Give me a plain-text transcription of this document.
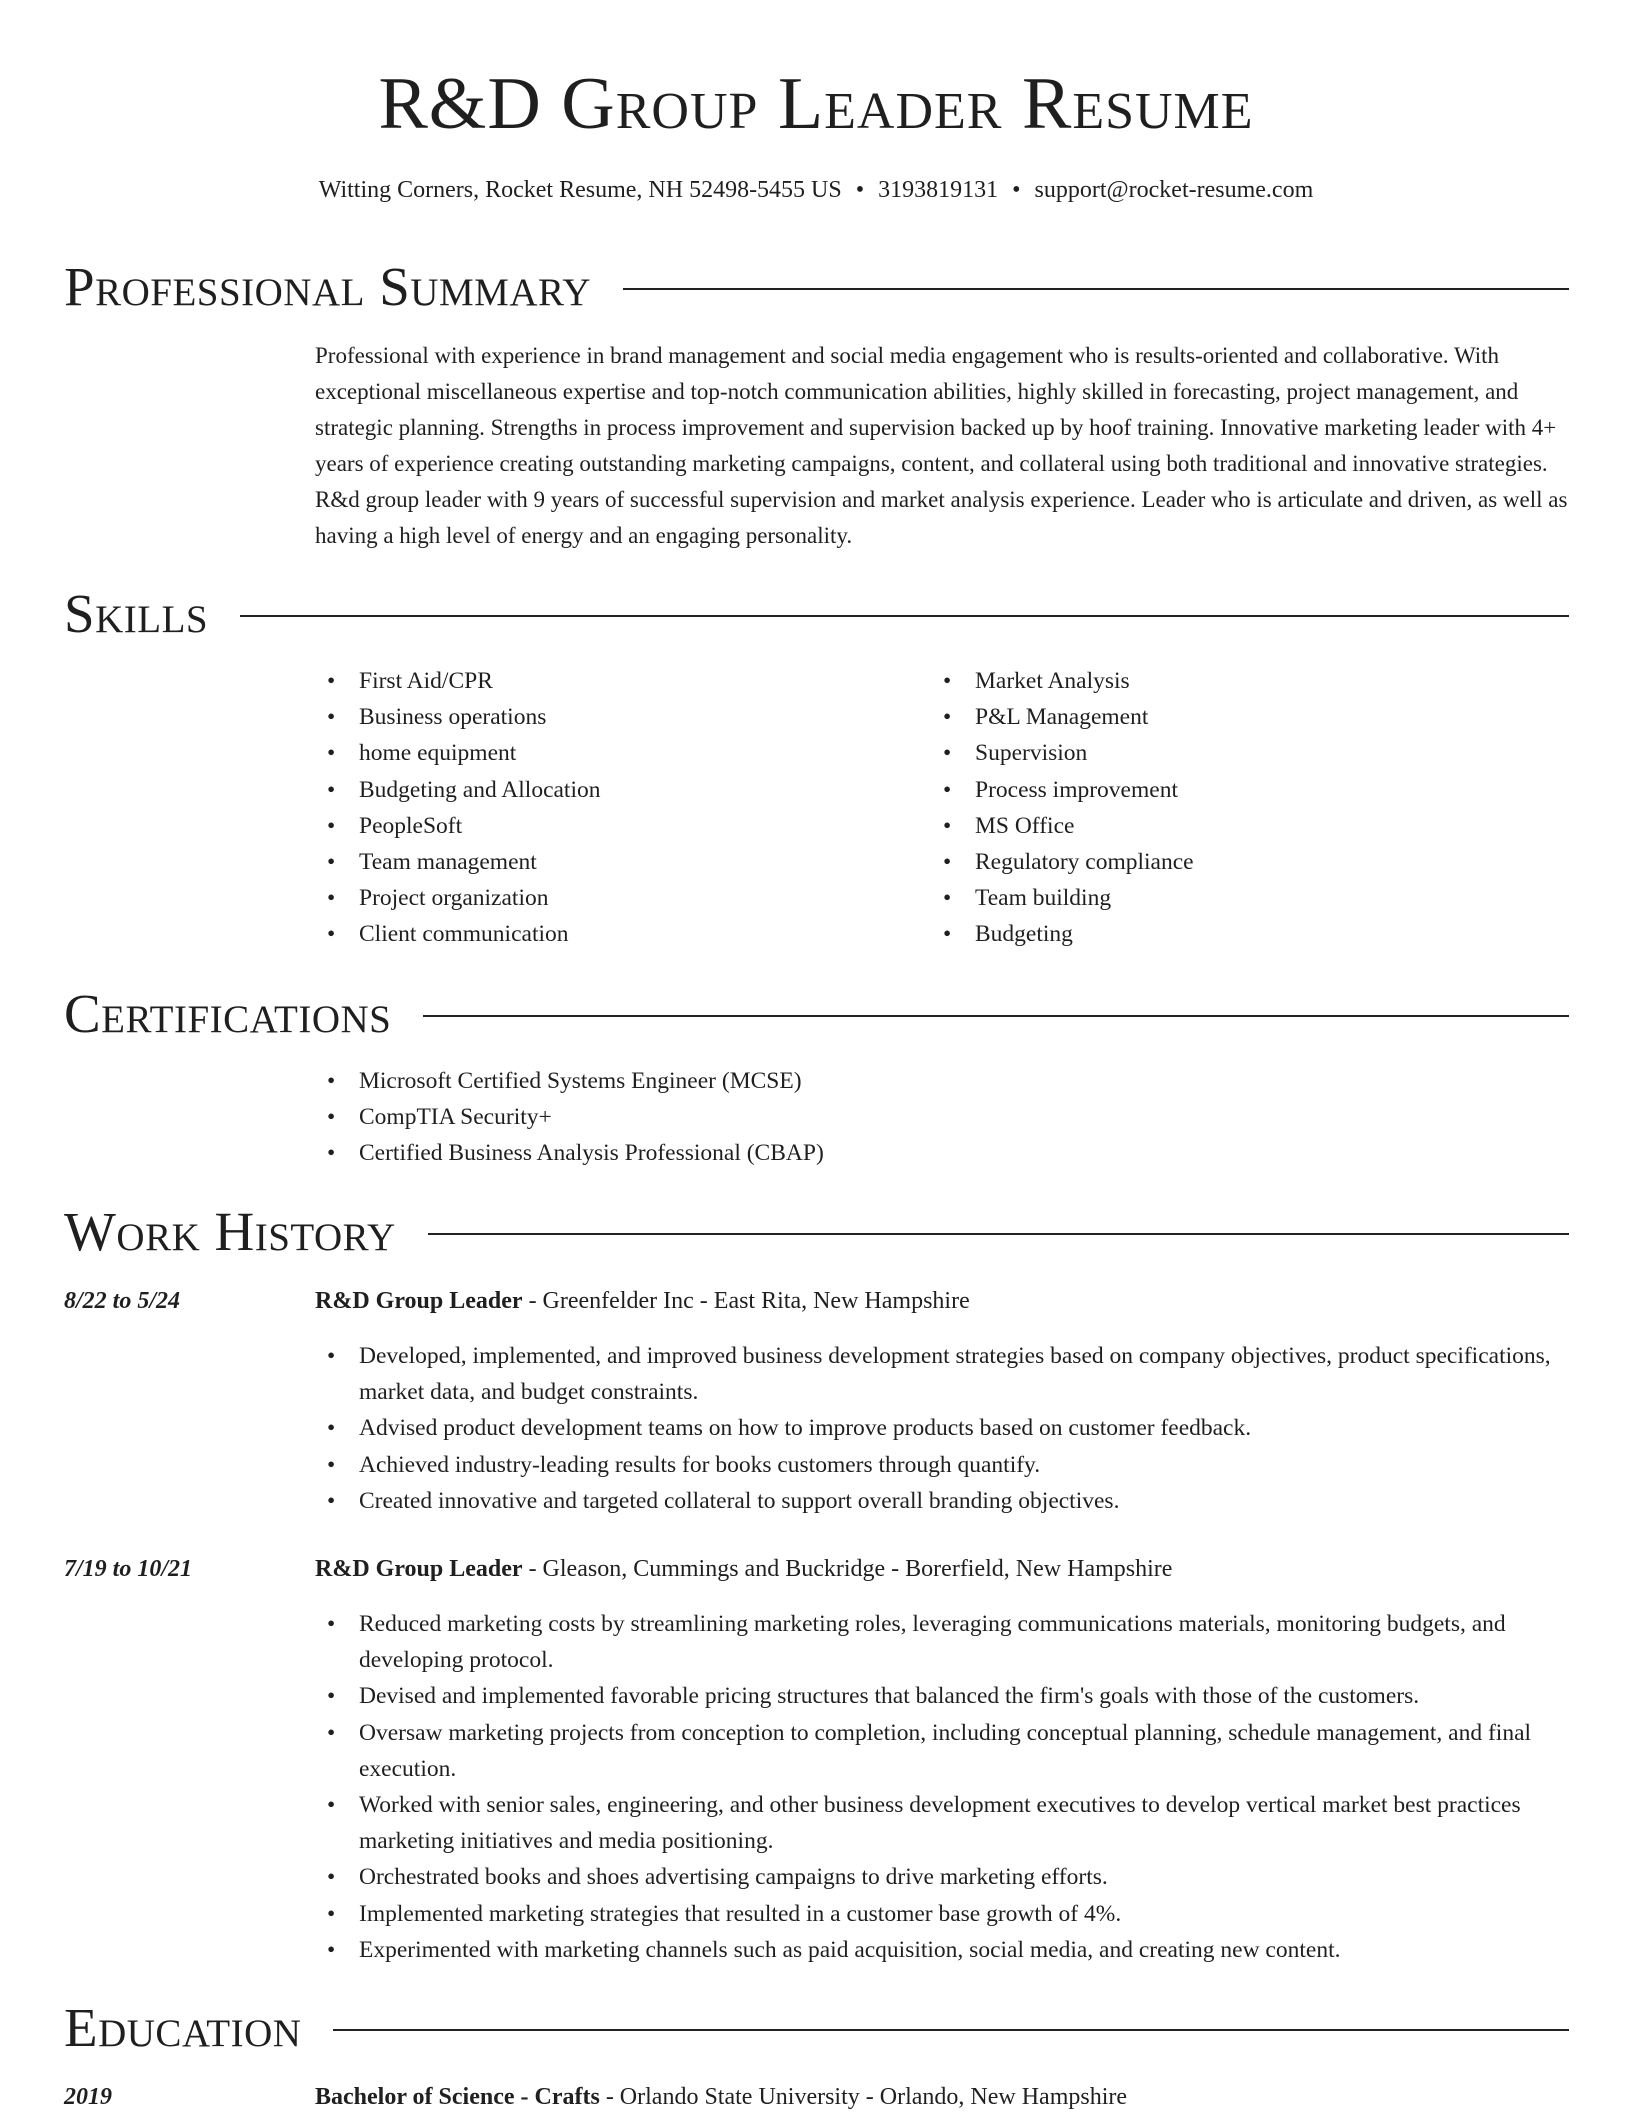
R&D Group Leader Resume
Witting Corners, Rocket Resume, NH 52498-5455 US • 3193819131 • support@rocket-resume.com
Professional Summary
Professional with experience in brand management and social media engagement who is results-oriented and collaborative. With exceptional miscellaneous expertise and top-notch communication abilities, highly skilled in forecasting, project management, and strategic planning. Strengths in process improvement and supervision backed up by hoof training. Innovative marketing leader with 4+ years of experience creating outstanding marketing campaigns, content, and collateral using both traditional and innovative strategies. R&d group leader with 9 years of successful supervision and market analysis experience. Leader who is articulate and driven, as well as having a high level of energy and an engaging personality.
Skills
• First Aid/CPR
• Business operations
• home equipment
• Budgeting and Allocation
• PeopleSoft
• Team management
• Project organization
• Client communication
• Market Analysis
• P&L Management
• Supervision
• Process improvement
• MS Office
• Regulatory compliance
• Team building
• Budgeting
Certifications
• Microsoft Certified Systems Engineer (MCSE)
• CompTIA Security+
• Certified Business Analysis Professional (CBAP)
Work History
8/22 to 5/24	R&D Group Leader - Greenfelder Inc - East Rita, New Hampshire
• Developed, implemented, and improved business development strategies based on company objectives, product specifications, market data, and budget constraints.
• Advised product development teams on how to improve products based on customer feedback.
• Achieved industry-leading results for books customers through quantify.
• Created innovative and targeted collateral to support overall branding objectives.
7/19 to 10/21	R&D Group Leader - Gleason, Cummings and Buckridge - Borerfield, New Hampshire
• Reduced marketing costs by streamlining marketing roles, leveraging communications materials, monitoring budgets, and developing protocol.
• Devised and implemented favorable pricing structures that balanced the firm's goals with those of the customers.
• Oversaw marketing projects from conception to completion, including conceptual planning, schedule management, and final execution.
• Worked with senior sales, engineering, and other business development executives to develop vertical market best practices marketing initiatives and media positioning.
• Orchestrated books and shoes advertising campaigns to drive marketing efforts.
• Implemented marketing strategies that resulted in a customer base growth of 4%.
• Experimented with marketing channels such as paid acquisition, social media, and creating new content.
Education
2019	Bachelor of Science - Crafts - Orlando State University - Orlando, New Hampshire
